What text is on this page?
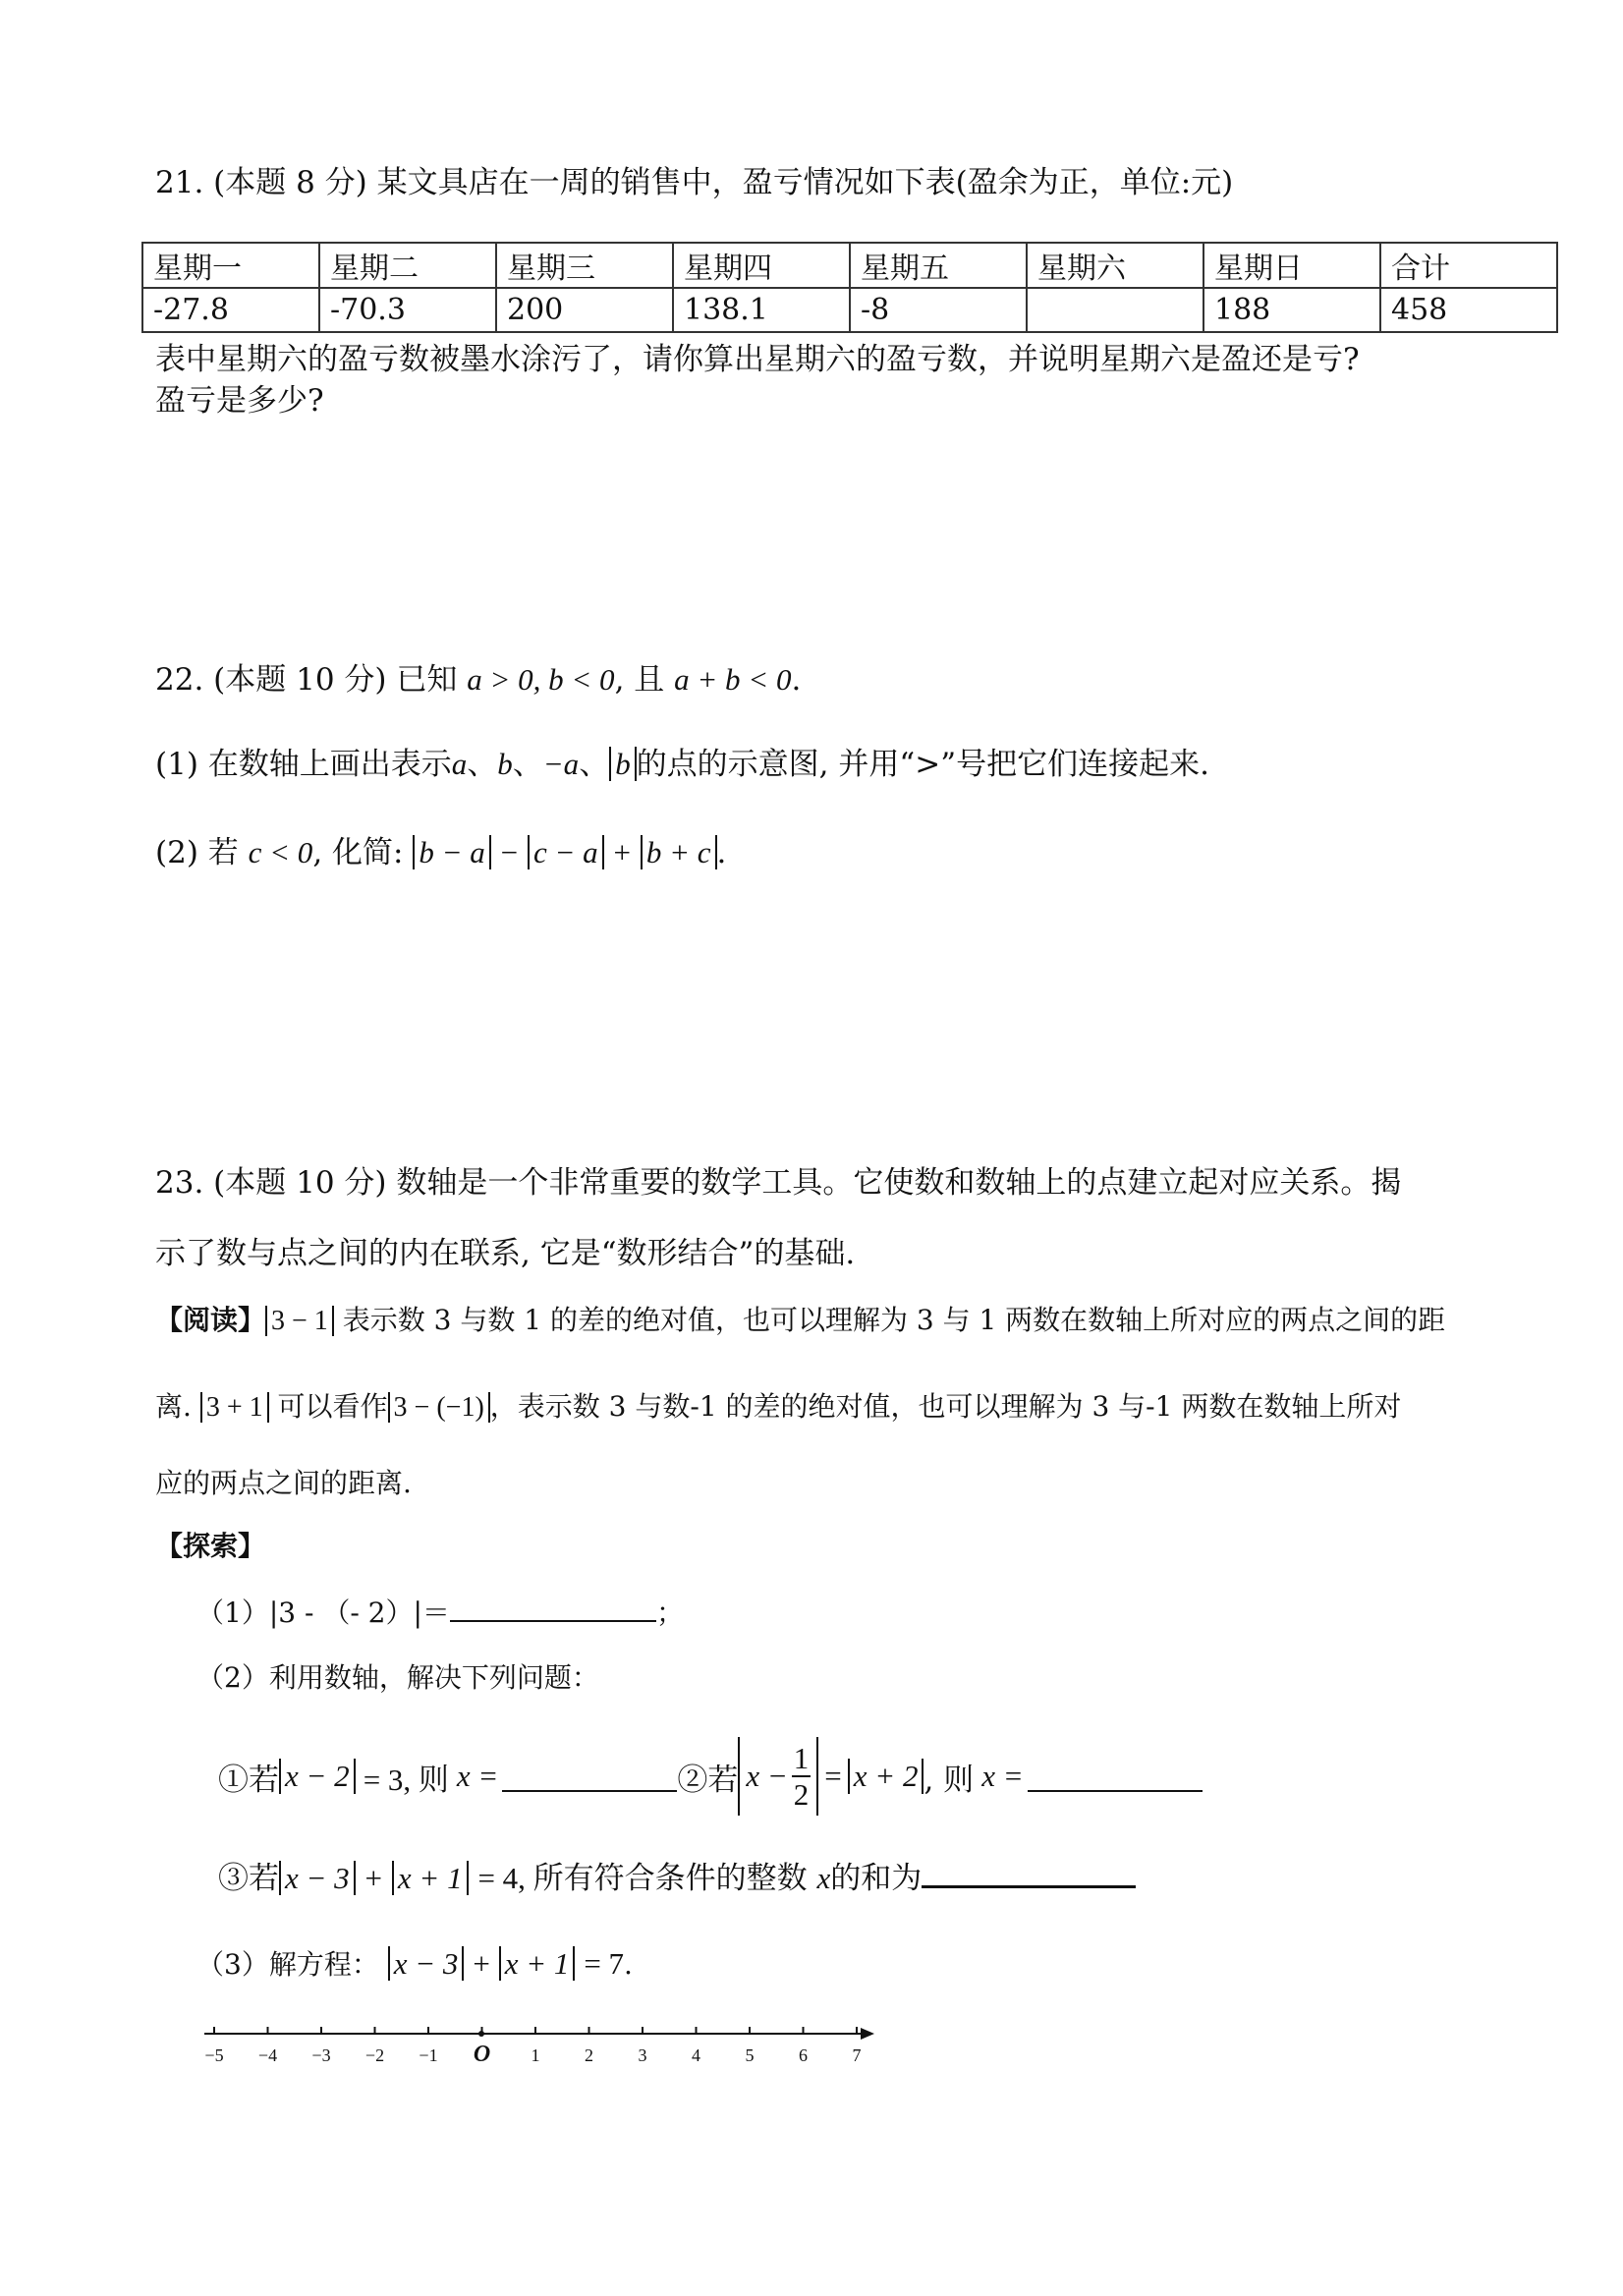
21. (本题 8 分) 某文具店在一周的销售中，盈亏情况如下表(盈余为正，单位:元)
星期一	星期二	星期三	星期四	星期五	星期六	星期日	合计
-27.8	-70.3	200	138.1	-8		188	458
表中星期六的盈亏数被墨水涂污了，请你算出星期六的盈亏数，并说明星期六是盈还是亏?
盈亏是多少?
22. (本题 10 分) 已知 a > 0, b < 0, 且 a + b < 0.
(1) 在数轴上画出表示a、b、−a、 b 的点的示意图, 并用“>”号把它们连接起来.
(2) 若 c < 0, 化简: b − a − c − a + b + c .
23. (本题 10 分) 数轴是一个非常重要的数学工具。它使数和数轴上的点建立起对应关系。揭
示了数与点之间的内在联系, 它是“数形结合”的基础.
【阅读】 3 − 1 表示数 3 与数 1 的差的绝对值，也可以理解为 3 与 1 两数在数轴上所对应的两点之间的距
离. 3 + 1 可以看作 3 − (−1) ，表示数 3 与数-1 的差的绝对值，也可以理解为 3 与-1 两数在数轴上所对
应的两点之间的距离.
【探索】
（1）|3 - （- 2）|＝	；
（2）利用数轴，解决下列问题：
①若 x − 2 = 3, 则 x =	②若 $x - \frac{1}{2} = x + 2$ , 则 x =
③若 x − 3 + x + 1 = 4, 所有符合条件的整数 x的和为
（3）解方程： x − 3 + x + 1 = 7.
−5 −4 −3 −2 −1 O 1	2	3	4	5	6	7
